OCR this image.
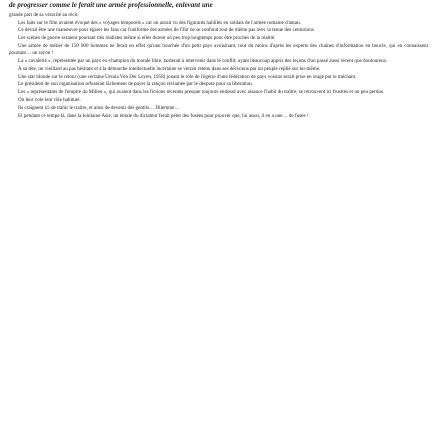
de progresser comme le ferait une armée professionnelle, enlevant une

grande part de sa véracité au récit.

Les faits sur le film avaient évoqué des « voyages temporels » car on aurait vu des figurants habillés en soldats de l'armée romaine d'antan.

Ce devait être une manœuvre pour égarer les fans car l'uniforme des armées de l'Est ne se confond tout de même pas avec la tenue des centurions.

Les scènes de guerre seraient pourtant très réalistes même si elles durent un peu trop longtemps pour être proches de la réalité.

Une armée de métier de 150 000 hommes ne ferait en effet qu'une bouchée d'un petit pays avoisinant, tout du moins d'après les experts des chaînes d'information en boucle, qui en connaissent pourtant… un rayon !

La « cavalerie », représentée par un pays ex-champion du monde libre, tarderait à intervenir dans le conflit, ayant beaucoup appris des leçons d'un passé aussi récent que douloureux.

À sa tête, un vieillard au pas hésitant et à la démarche intellectuelle incertaine se verrait retenu dans ses décisions par un peuple replié sur lui-même.

Une star blonde sur le retour (une certaine Ursula Von Der Leyen, 1958) jouant le rôle de l'égérie d'une fédération de pays voisins serait prise en otage par le méchant.

Le président de son organisation refuserait lâchement de payer la rançon réclamée par le despote pour sa libération.

Les « représentants de l'empire du Milieu », qui avaient dans les fictions récentes presque toujours endossé avec aisance l'habit du traître, se retrouvent ici frustrés et un peu perdus.

On leur vole leur rôle habituel.

Ils craignent ici de trahir le traître, et ainsi de devenir des gentils… Dilemme…

Et pendant ce temps-là, dans la lointaine Asie, un émule du dictateur ferait péter des fusées pour prouver que, lui aussi, il en a une… de fusée !
